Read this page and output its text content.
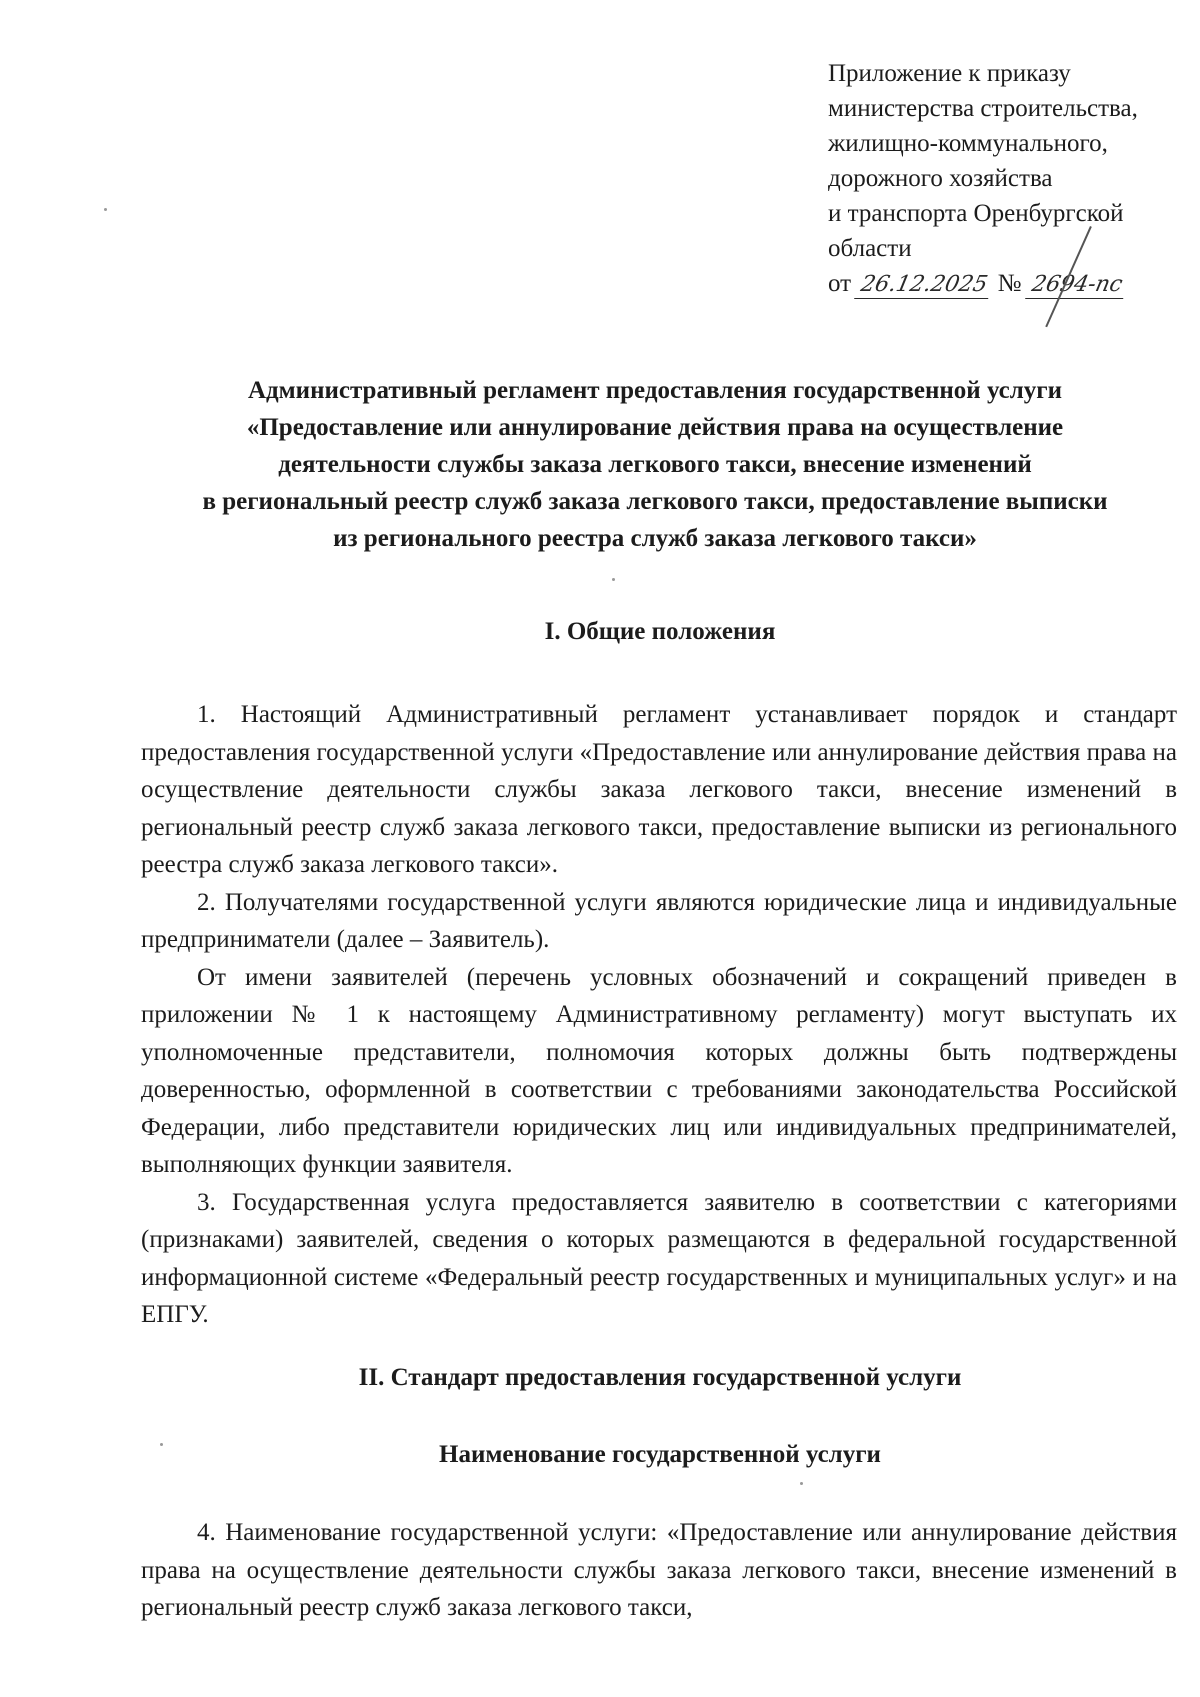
Приложение к приказу
министерства строительства,
жилищно-коммунального,
дорожного хозяйства
и транспорта Оренбургской
области
от 26.12.2025 № 2694-пс
Административный регламент предоставления государственной услуги
«Предоставление или аннулирование действия права на осуществление
деятельности службы заказа легкового такси, внесение изменений
в региональный реестр служб заказа легкового такси, предоставление выписки
из регионального реестра служб заказа легкового такси»
I. Общие положения

1. Настоящий Административный регламент устанавливает порядок и стандарт предоставления государственной услуги «Предоставление или аннулирование действия права на осуществление деятельности службы заказа легкового такси, внесение изменений в региональный реестр служб заказа легкового такси, предоставление выписки из регионального реестра служб заказа легкового такси».

2. Получателями государственной услуги являются юридические лица и индивидуальные предприниматели (далее – Заявитель).

От имени заявителей (перечень условных обозначений и сокращений приведен в приложении № 1 к настоящему Административному регламенту) могут выступать их уполномоченные представители, полномочия которых должны быть подтверждены доверенностью, оформленной в соответствии с требованиями законодательства Российской Федерации, либо представители юридических лиц или индивидуальных предпринимателей, выполняющих функции заявителя.

3. Государственная услуга предоставляется заявителю в соответствии с категориями (признаками) заявителей, сведения о которых размещаются в федеральной государственной информационной системе «Федеральный реестр государственных и муниципальных услуг» и на ЕПГУ.

II. Стандарт предоставления государственной услуги
Наименование государственной услуги

4. Наименование государственной услуги: «Предоставление или аннулирование действия права на осуществление деятельности службы заказа легкового такси, внесение изменений в региональный реестр служб заказа легкового такси,
